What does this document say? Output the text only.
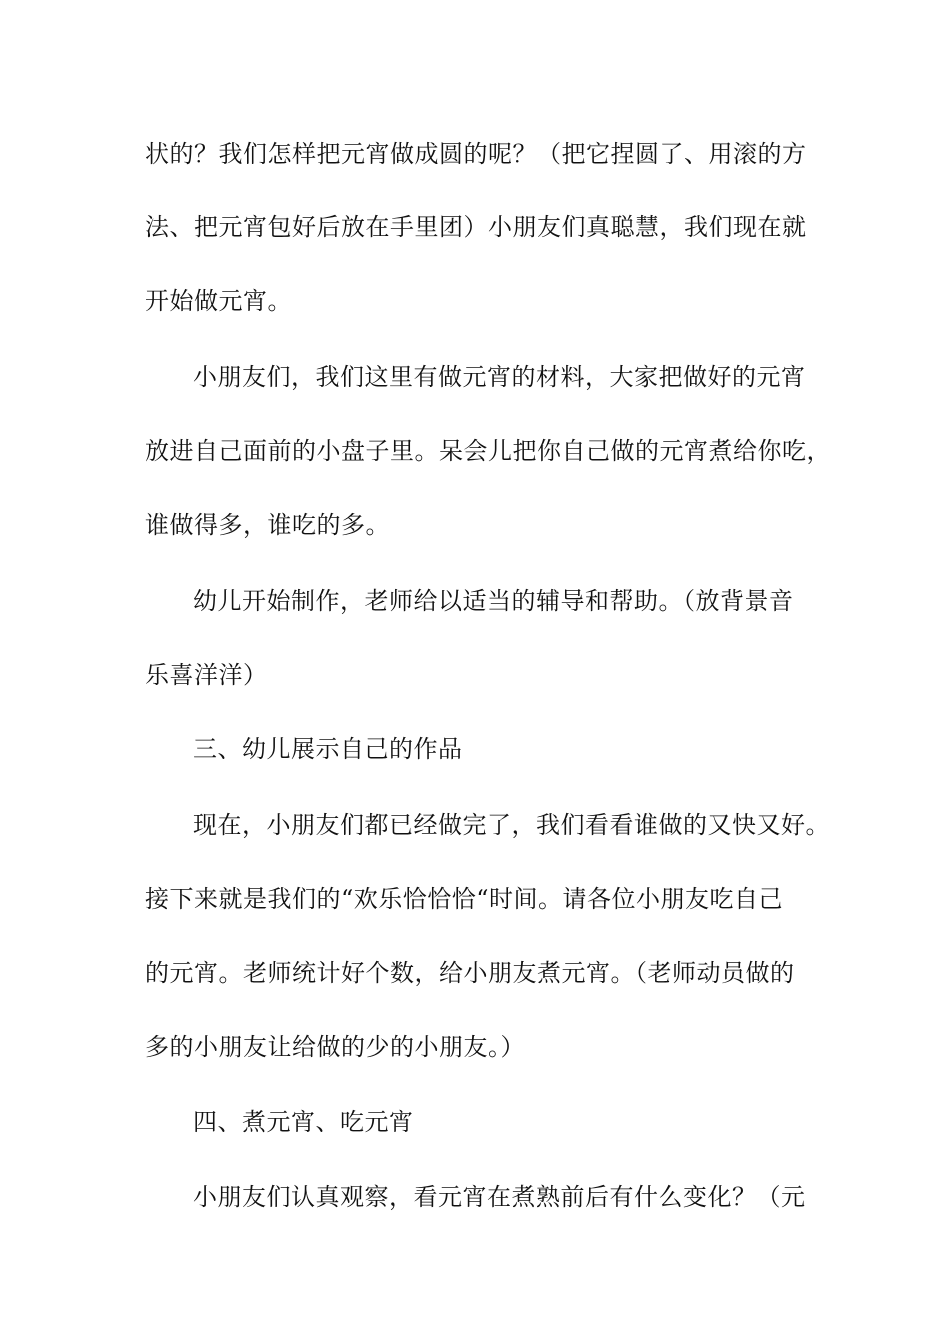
状的？我们怎样把元宵做成圆的呢？（把它捏圆了、用滚的方
法、把元宵包好后放在手里团）小朋友们真聪慧，我们现在就
开始做元宵。
小朋友们，我们这里有做元宵的材料，大家把做好的元宵
放进自己面前的小盘子里。呆会儿把你自己做的元宵煮给你吃，
谁做得多，谁吃的多。
幼儿开始制作，老师给以适当的辅导和帮助。（放背景音
乐喜洋洋）
三、幼儿展示自己的作品
现在，小朋友们都已经做完了，我们看看谁做的又快又好。
接下来就是我们的“欢乐恰恰恰“时间。请各位小朋友吃自己
的元宵。老师统计好个数，给小朋友煮元宵。（老师动员做的
多的小朋友让给做的少的小朋友。）
四、煮元宵、吃元宵
小朋友们认真观察，看元宵在煮熟前后有什么变化？（元
